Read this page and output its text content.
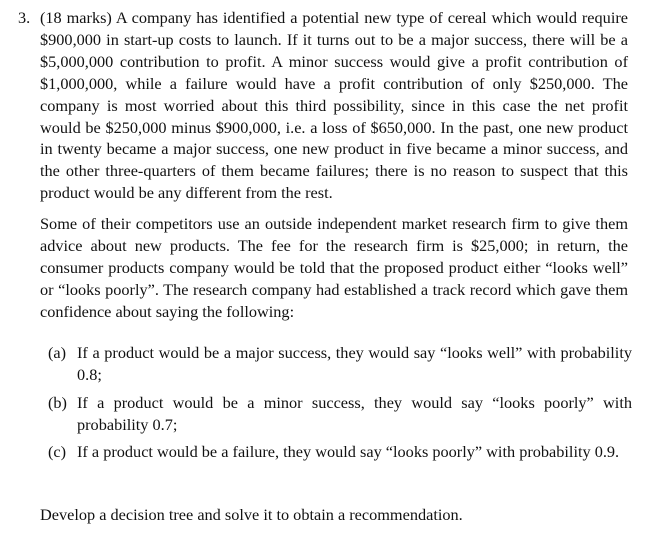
3. (18 marks) A company has identified a potential new type of cereal which would require $900,000 in start-up costs to launch. If it turns out to be a major success, there will be a $5,000,000 contribution to profit. A minor success would give a profit contribution of $1,000,000, while a failure would have a profit contribution of only $250,000. The company is most worried about this third possibility, since in this case the net profit would be $250,000 minus $900,000, i.e. a loss of $650,000. In the past, one new product in twenty became a major success, one new product in five became a minor success, and the other three-quarters of them became failures; there is no reason to suspect that this product would be any different from the rest.

Some of their competitors use an outside independent market research firm to give them advice about new products. The fee for the research firm is $25,000; in return, the consumer products company would be told that the proposed product either “looks well” or “looks poorly”. The research company had established a track record which gave them confidence about saying the following:

(a) If a product would be a major success, they would say “looks well” with probability 0.8;

(b) If a product would be a minor success, they would say “looks poorly” with probability 0.7;

(c) If a product would be a failure, they would say “looks poorly” with probability 0.9.

Develop a decision tree and solve it to obtain a recommendation.
